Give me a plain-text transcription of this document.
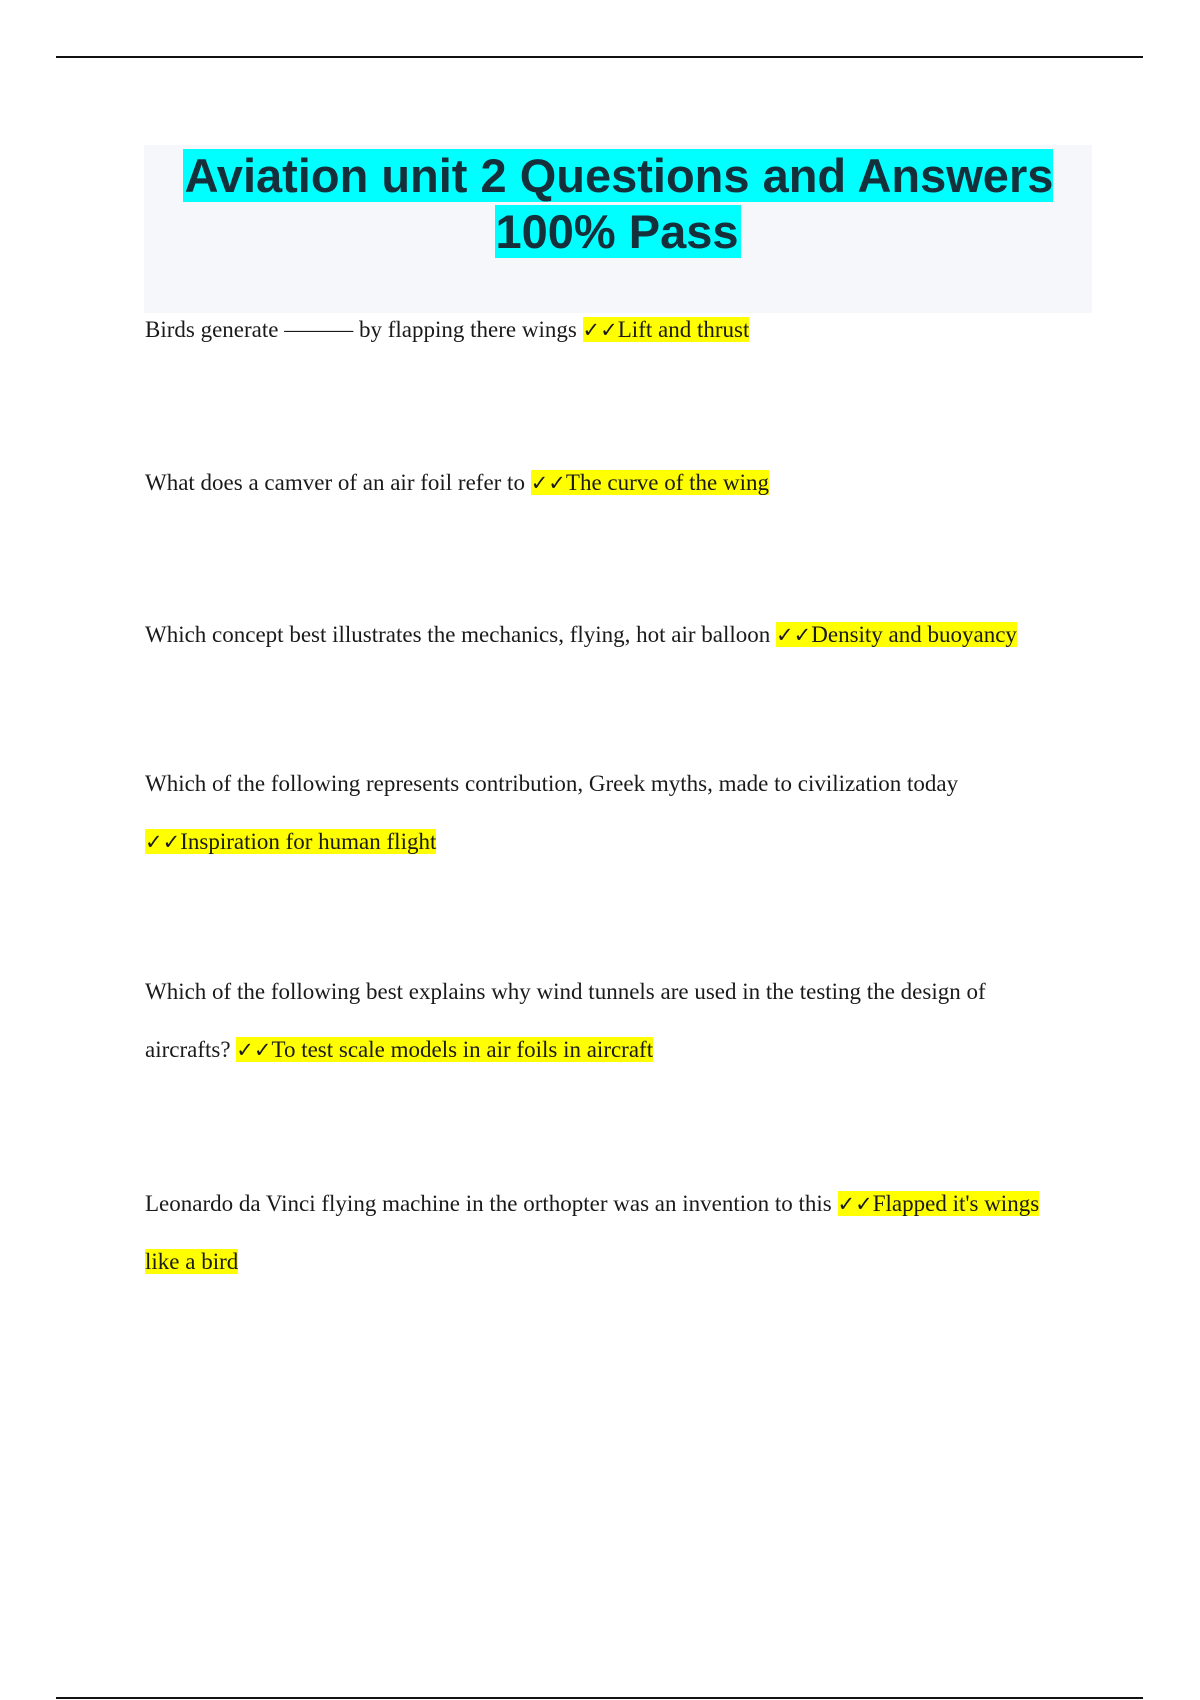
Aviation unit 2 Questions and Answers 100% Pass

Birds generate ——— by flapping there wings ✓✓Lift and thrust

What does a camver of an air foil refer to ✓✓The curve of the wing

Which concept best illustrates the mechanics, flying, hot air balloon ✓✓Density and buoyancy

Which of the following represents contribution, Greek myths, made to civilization today ✓✓Inspiration for human flight

Which of the following best explains why wind tunnels are used in the testing the design of aircrafts? ✓✓To test scale models in air foils in aircraft

Leonardo da Vinci flying machine in the orthopter was an invention to this ✓✓Flapped it's wings like a bird
